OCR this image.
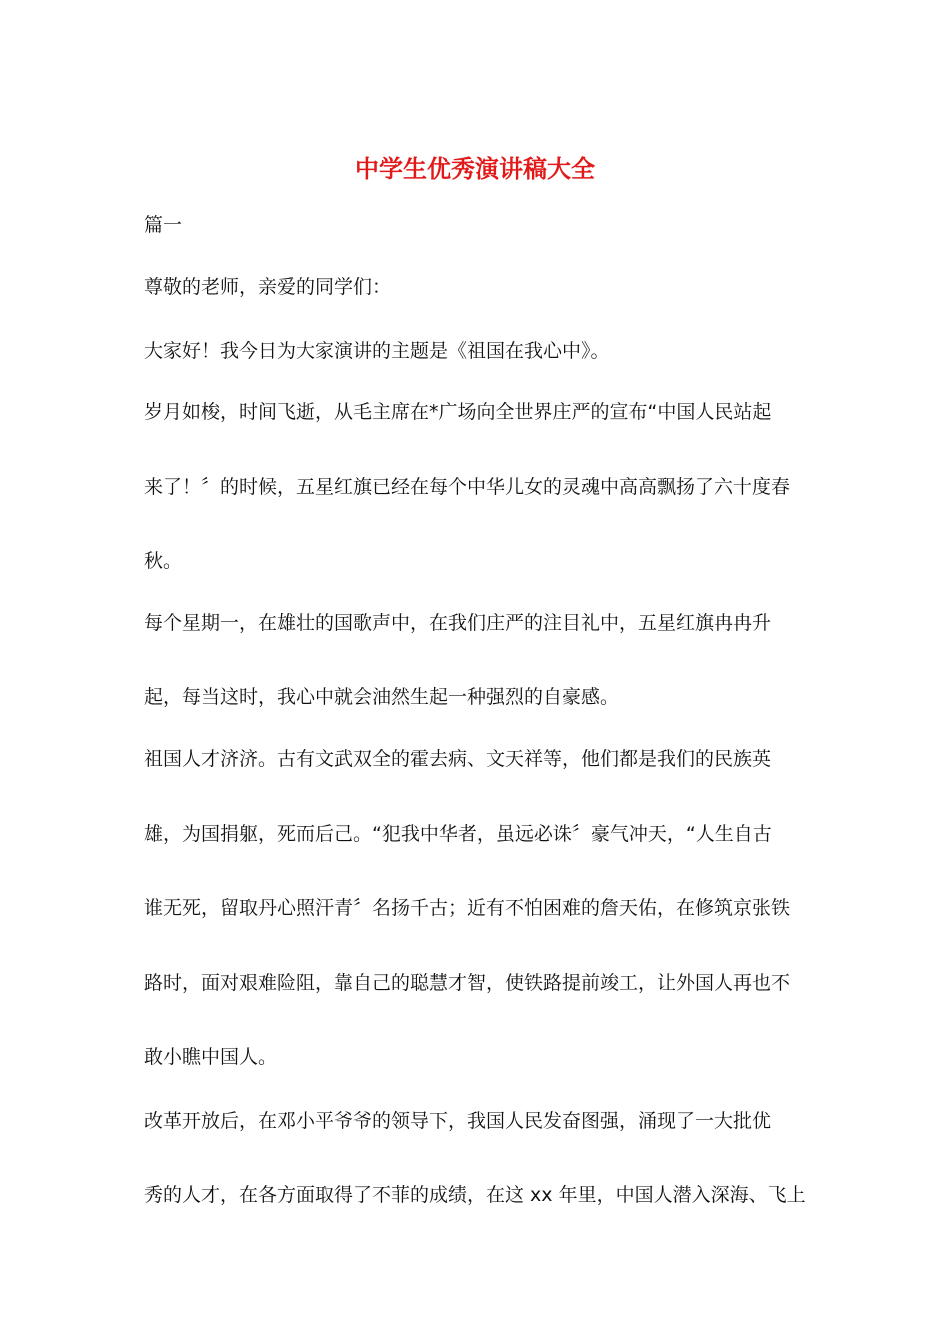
中学生优秀演讲稿大全
篇一
尊敬的老师，亲爱的同学们：
大家好！我今日为大家演讲的主题是《祖国在我心中》。
岁月如梭，时间飞逝，从毛主席在*广场向全世界庄严的宣布“中国人民站起
来了！〞的时候，五星红旗已经在每个中华儿女的灵魂中高高飘扬了六十度春
秋。
每个星期一，在雄壮的国歌声中，在我们庄严的注目礼中，五星红旗冉冉升
起，每当这时，我心中就会油然生起一种强烈的自豪感。
祖国人才济济。古有文武双全的霍去病、文天祥等，他们都是我们的民族英
雄，为国捐躯，死而后己。“犯我中华者，虽远必诛〞豪气冲天，“人生自古
谁无死，留取丹心照汗青〞名扬千古；近有不怕困难的詹天佑，在修筑京张铁
路时，面对艰难险阻，靠自己的聪慧才智，使铁路提前竣工，让外国人再也不
敢小瞧中国人。
改革开放后，在邓小平爷爷的领导下，我国人民发奋图强，涌现了一大批优
秀的人才，在各方面取得了不菲的成绩，在这 xx 年里，中国人潜入深海、飞上
